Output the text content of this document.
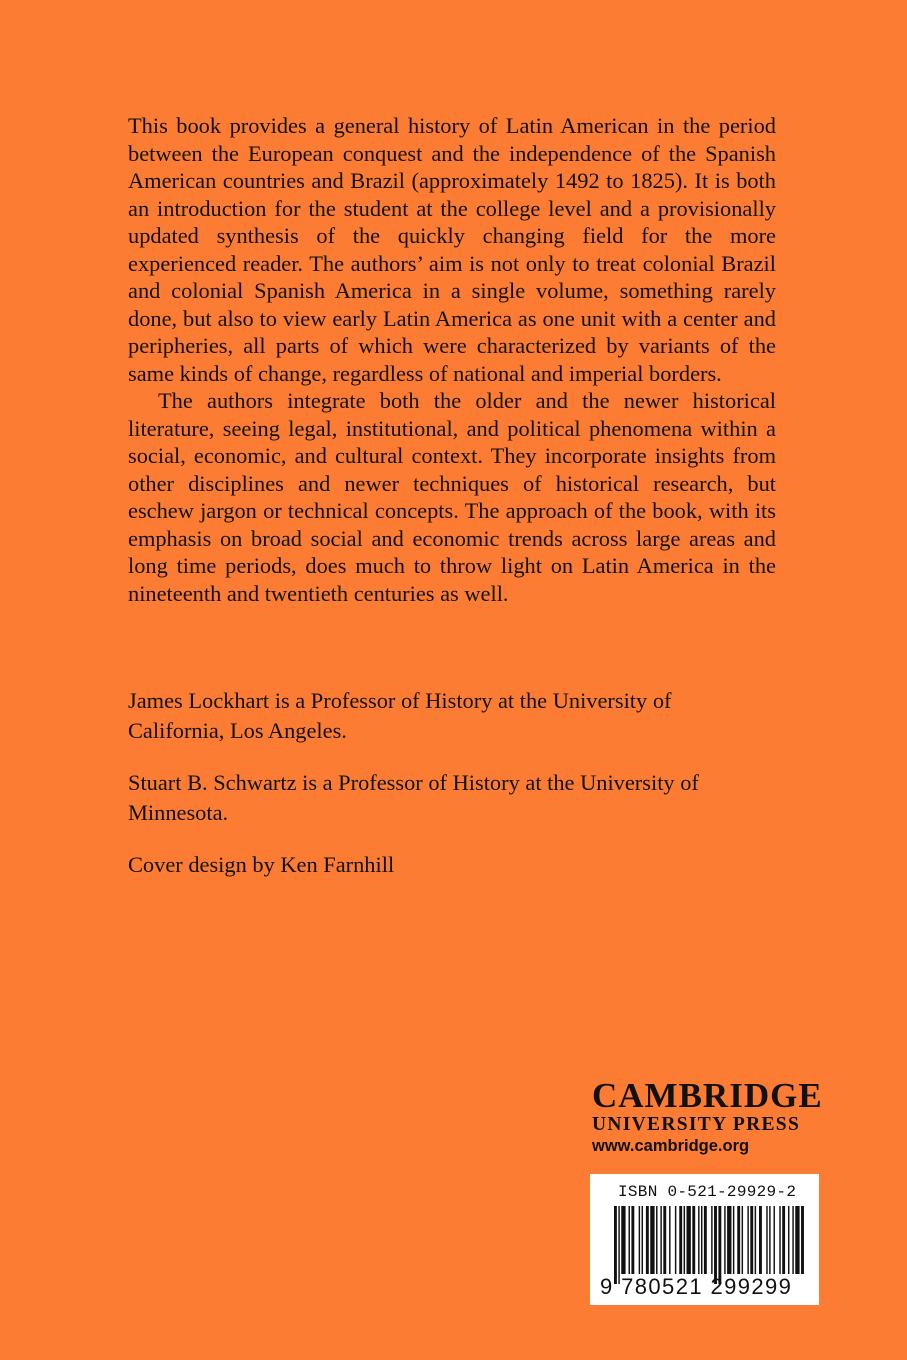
This book provides a general history of Latin American in the period between the European conquest and the independence of the Spanish American countries and Brazil (approximately 1492 to 1825). It is both an introduction for the student at the college level and a provisionally updated synthesis of the quickly changing field for the more experienced reader. The authors’ aim is not only to treat colonial Brazil and colonial Spanish America in a single volume, something rarely done, but also to view early Latin America as one unit with a center and peripheries, all parts of which were characterized by variants of the same kinds of change, regardless of national and imperial borders.

The authors integrate both the older and the newer historical literature, seeing legal, institutional, and political phenomena within a social, economic, and cultural context. They incorporate insights from other disciplines and newer techniques of historical research, but eschew jargon or technical concepts. The approach of the book, with its emphasis on broad social and economic trends across large areas and long time periods, does much to throw light on Latin America in the nineteenth and twentieth centuries as well.

James Lockhart is a Professor of History at the University of California, Los Angeles.

Stuart B. Schwartz is a Professor of History at the University of Minnesota.

Cover design by Ken Farnhill

CAMBRIDGE
UNIVERSITY PRESS
www.cambridge.org
ISBN 0-521-29929-2
9 780521 299299
